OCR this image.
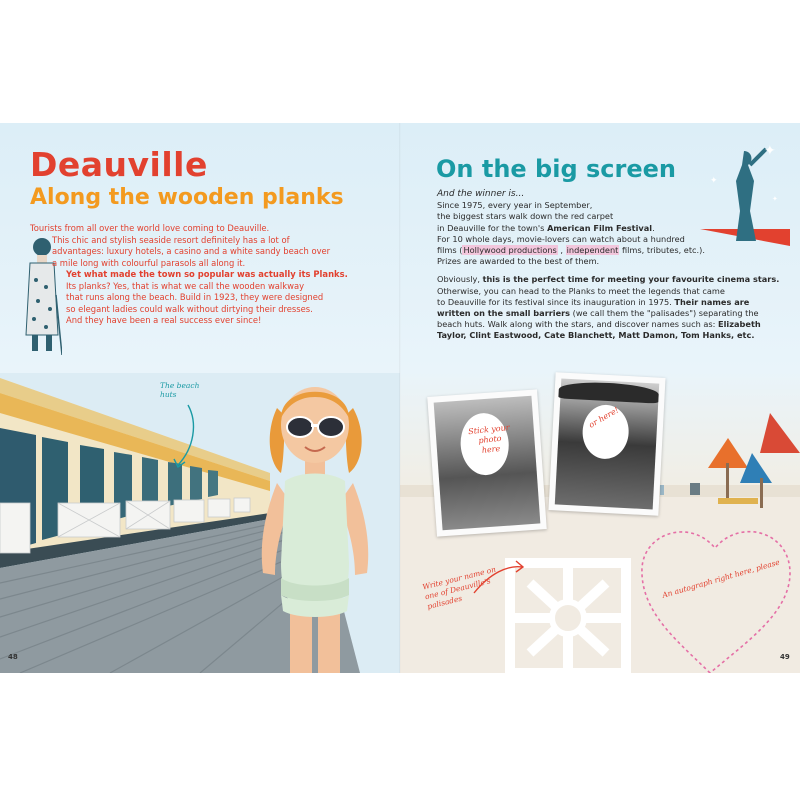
✦
✦
✦
Deauville
Along the wooden planks

Tourists from all over the world love coming to Deauville.

This chic and stylish seaside resort definitely has a lot of

advantages: luxury hotels, a casino and a white sandy beach over

a mile long with colourful parasols all along it.

Yet what made the town so popular was actually its Planks.

Its planks? Yes, that is what we call the wooden walkway

that runs along the beach. Build in 1923, they were designed

so elegant ladies could walk without dirtying their dresses.

And they have been a real success ever since!

The beach huts
On the big screen

And the winner is...

Since 1975, every year in September,

the biggest stars walk down the red carpet

in Deauville for the town's American Film Festival.

For 10 whole days, movie-lovers can watch about a hundred

films (Hollywood productions , independent films, tributes, etc.).

Prizes are awarded to the best of them.

Obviously, this is the perfect time for meeting your favourite cinema stars.

Otherwise, you can head to the Planks to meet the legends that came

to Deauville for its festival since its inauguration in 1975. Their names are

written on the small barriers (we call them the "palisades") separating the

beach huts. Walk along with the stars, and discover names such as: Elizabeth

Taylor, Clint Eastwood, Cate Blanchett, Matt Damon, Tom Hanks, etc.

Stick your photo here
or here!
Write your name on one of Deauville's palisades
An autograph right here, please
48	49
